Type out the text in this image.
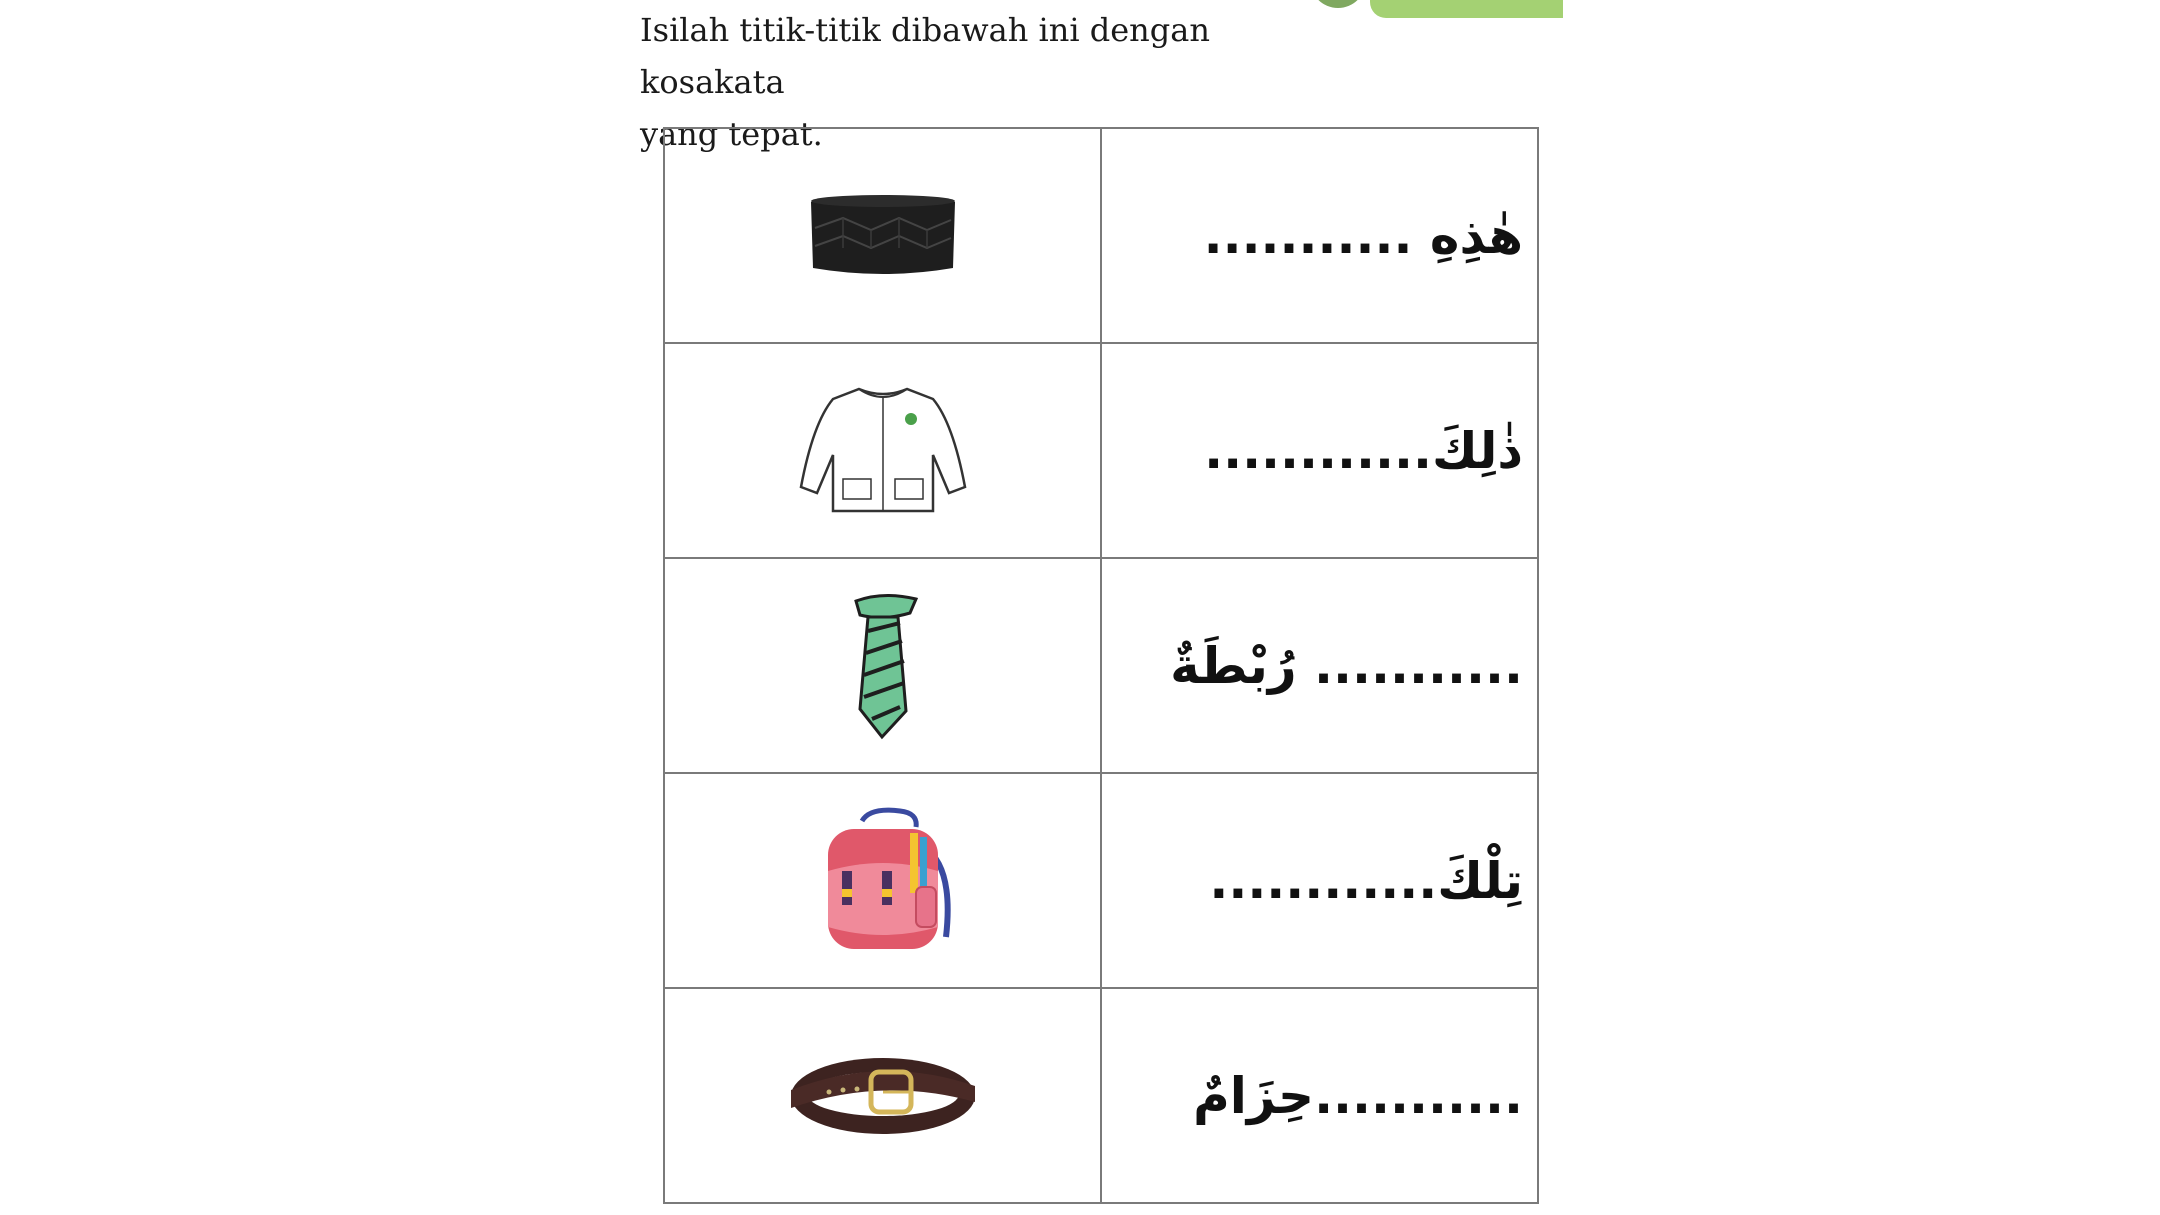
Isilah titik-titik dibawah ini dengan kosakata
yang tepat.

هٰذِهِ ...........

ذٰلِكَ............

........... رُبْطَةٌ

تِلْكَ............

...........حِزَامٌ
